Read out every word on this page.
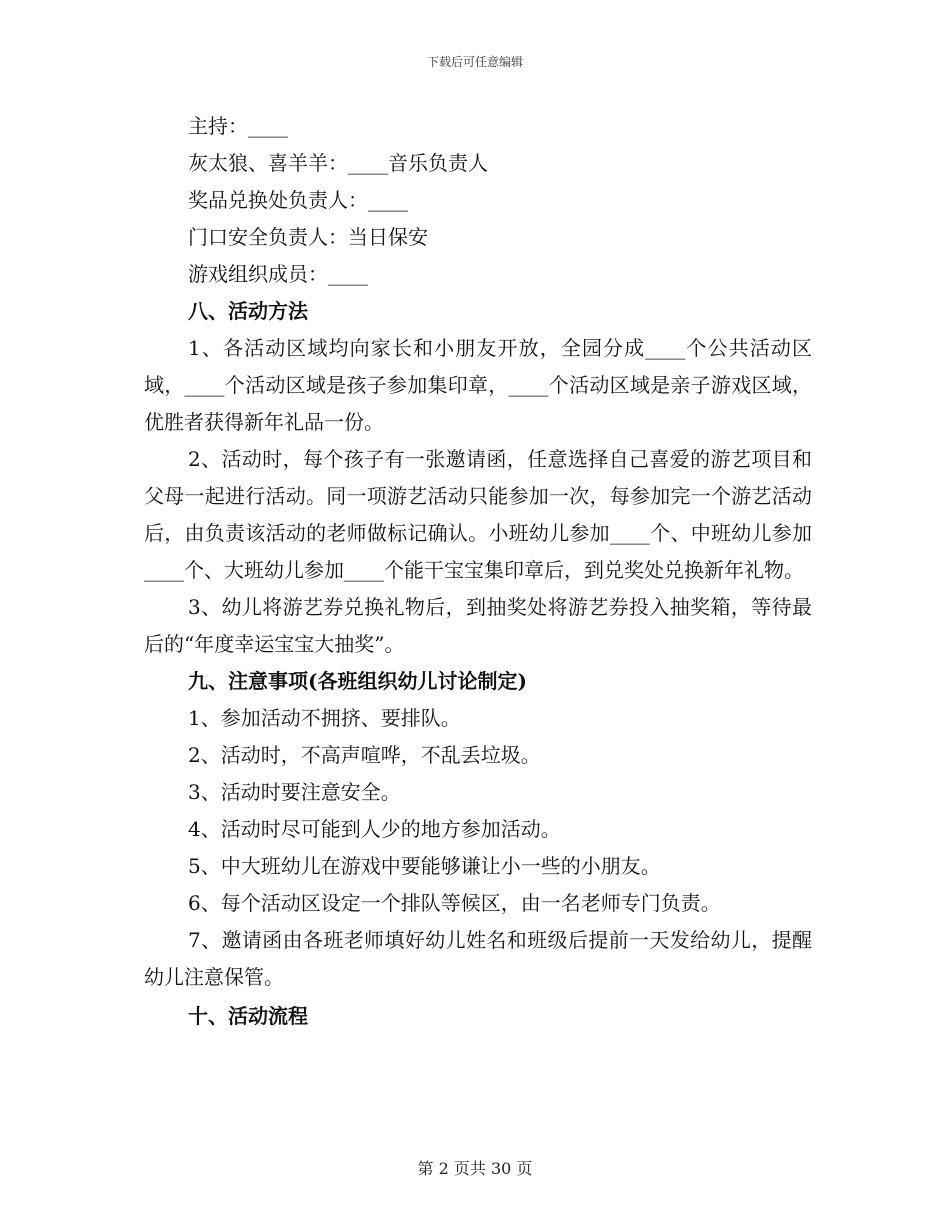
下载后可任意编辑
主持：____
灰太狼、喜羊羊：____音乐负责人
奖品兑换处负责人：____
门口安全负责人：当日保安
游戏组织成员：____
八、活动方法

1、各活动区域均向家长和小朋友开放，全园分成____个公共活动区域，____个活动区域是孩子参加集印章，____个活动区域是亲子游戏区域，优胜者获得新年礼品一份。

2、活动时，每个孩子有一张邀请函，任意选择自己喜爱的游艺项目和父母一起进行活动。同一项游艺活动只能参加一次，每参加完一个游艺活动后，由负责该活动的老师做标记确认。小班幼儿参加____个、中班幼儿参加____个、大班幼儿参加____个能干宝宝集印章后，到兑奖处兑换新年礼物。

3、幼儿将游艺券兑换礼物后，到抽奖处将游艺券投入抽奖箱，等待最后的“年度幸运宝宝大抽奖”。

九、注意事项(各班组织幼儿讨论制定)
1、参加活动不拥挤、要排队。
2、活动时，不高声喧哗，不乱丢垃圾。
3、活动时要注意安全。
4、活动时尽可能到人少的地方参加活动。
5、中大班幼儿在游戏中要能够谦让小一些的小朋友。
6、每个活动区设定一个排队等候区，由一名老师专门负责。

7、邀请函由各班老师填好幼儿姓名和班级后提前一天发给幼儿，提醒幼儿注意保管。

十、活动流程
第 2 页共 30 页
